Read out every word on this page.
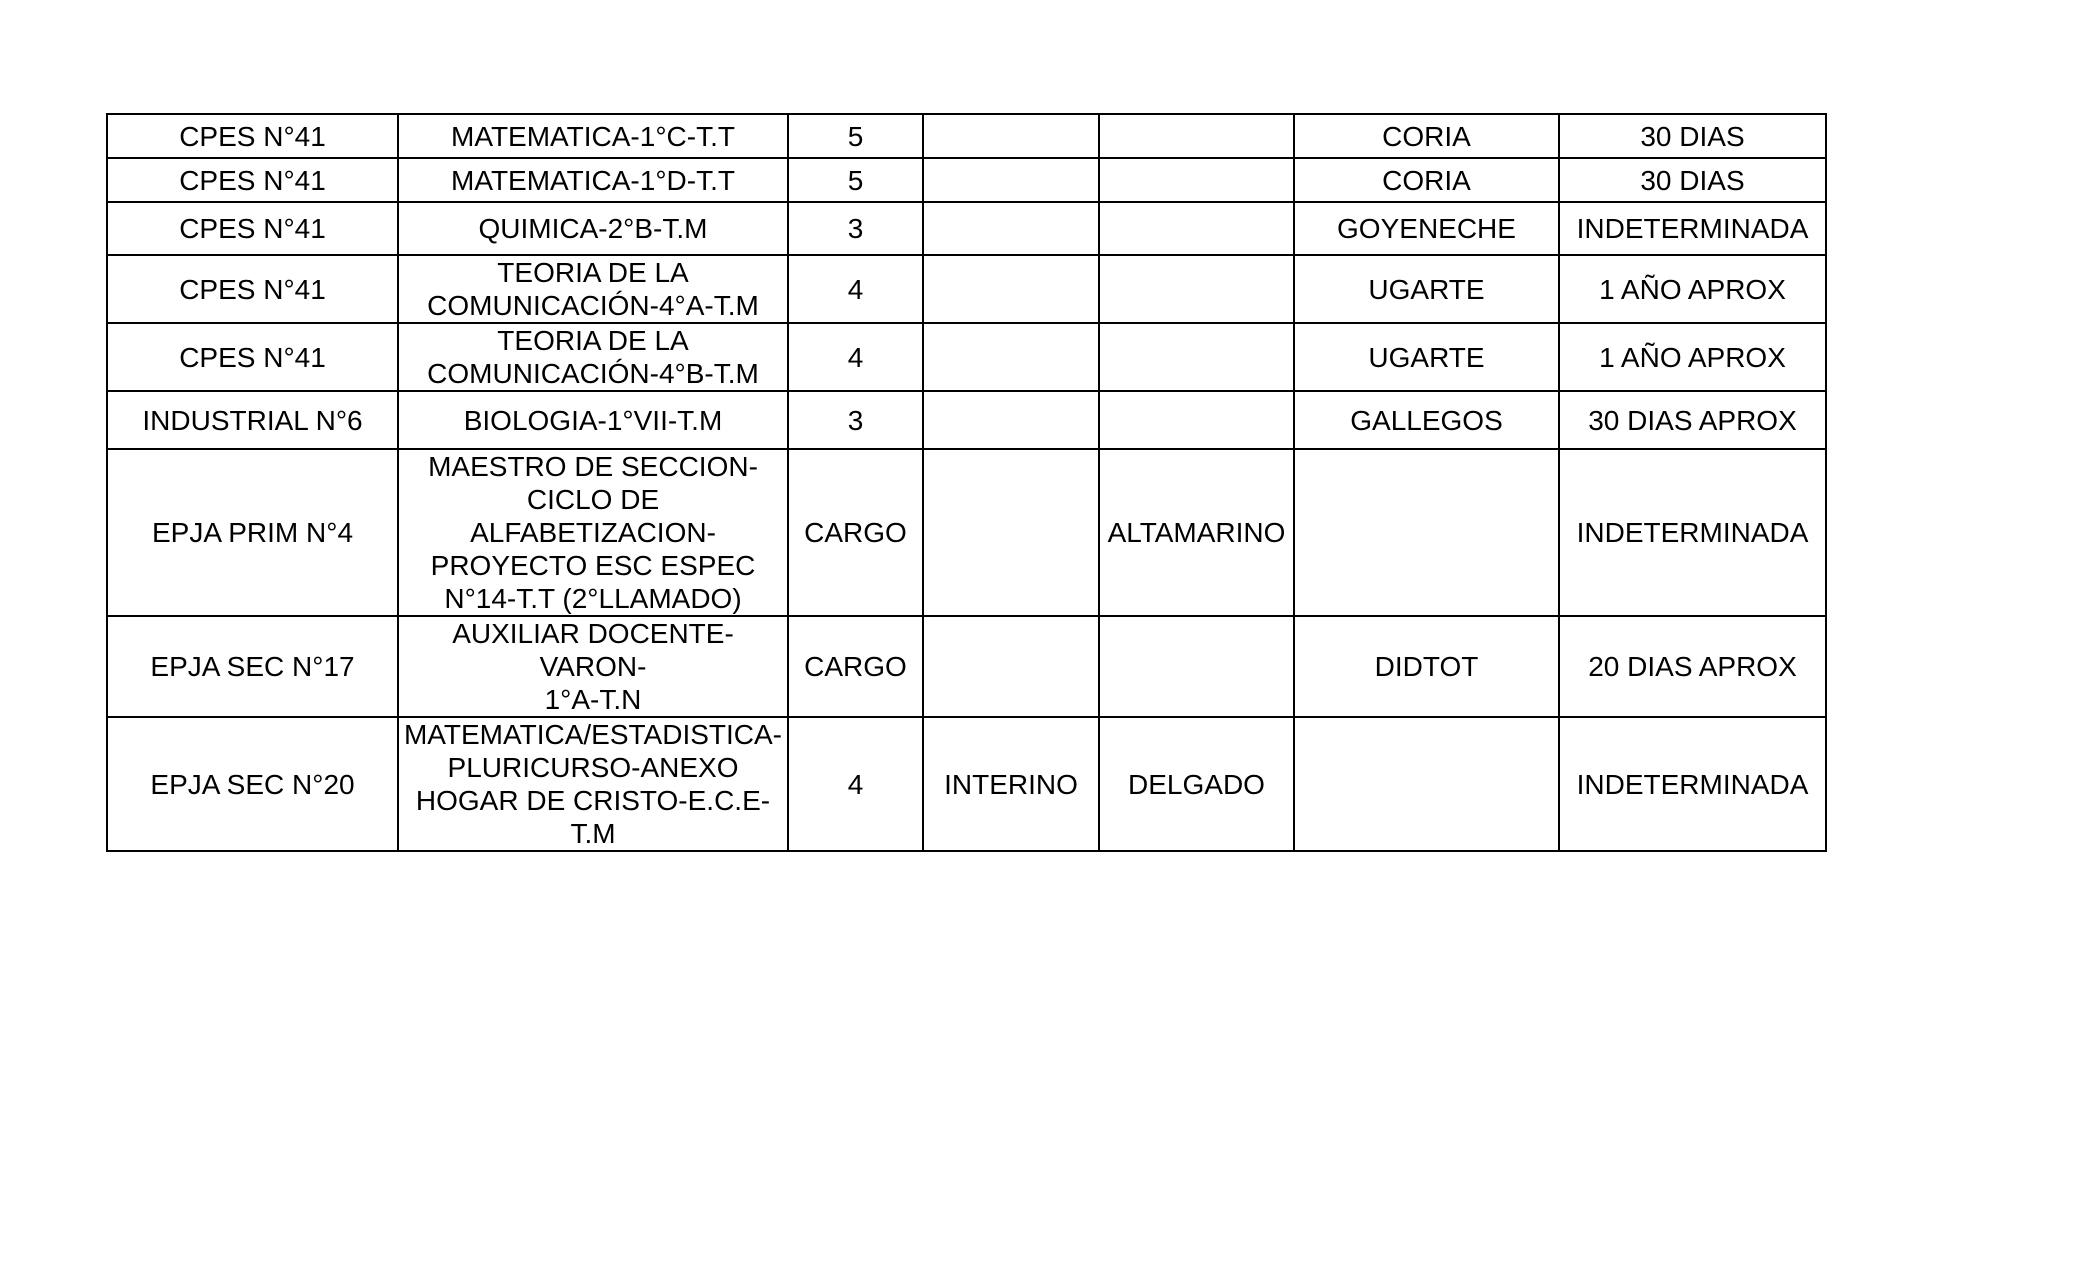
CPES N°41	MATEMATICA-1°C-T.T	5			CORIA	30 DIAS
CPES N°41	MATEMATICA-1°D-T.T	5			CORIA	30 DIAS
CPES N°41	QUIMICA-2°B-T.M	3			GOYENECHE	INDETERMINADA
CPES N°41	TEORIA DE LA
COMUNICACIÓN-4°A-T.M	4			UGARTE	1 AÑO APROX
CPES N°41	TEORIA DE LA
COMUNICACIÓN-4°B-T.M	4			UGARTE	1 AÑO APROX
INDUSTRIAL N°6	BIOLOGIA-1°VII-T.M	3			GALLEGOS	30 DIAS APROX
EPJA PRIM N°4	MAESTRO DE SECCION-
CICLO DE ALFABETIZACION-
PROYECTO ESC ESPEC
N°14-T.T (2°LLAMADO)	CARGO		ALTAMARINO		INDETERMINADA
EPJA SEC N°17	AUXILIAR DOCENTE-VARON-
1°A-T.N	CARGO			DIDTOT	20 DIAS APROX
EPJA SEC N°20	MATEMATICA/ESTADISTICA-
PLURICURSO-ANEXO
HOGAR DE CRISTO-E.C.E-
T.M	4	INTERINO	DELGADO		INDETERMINADA
